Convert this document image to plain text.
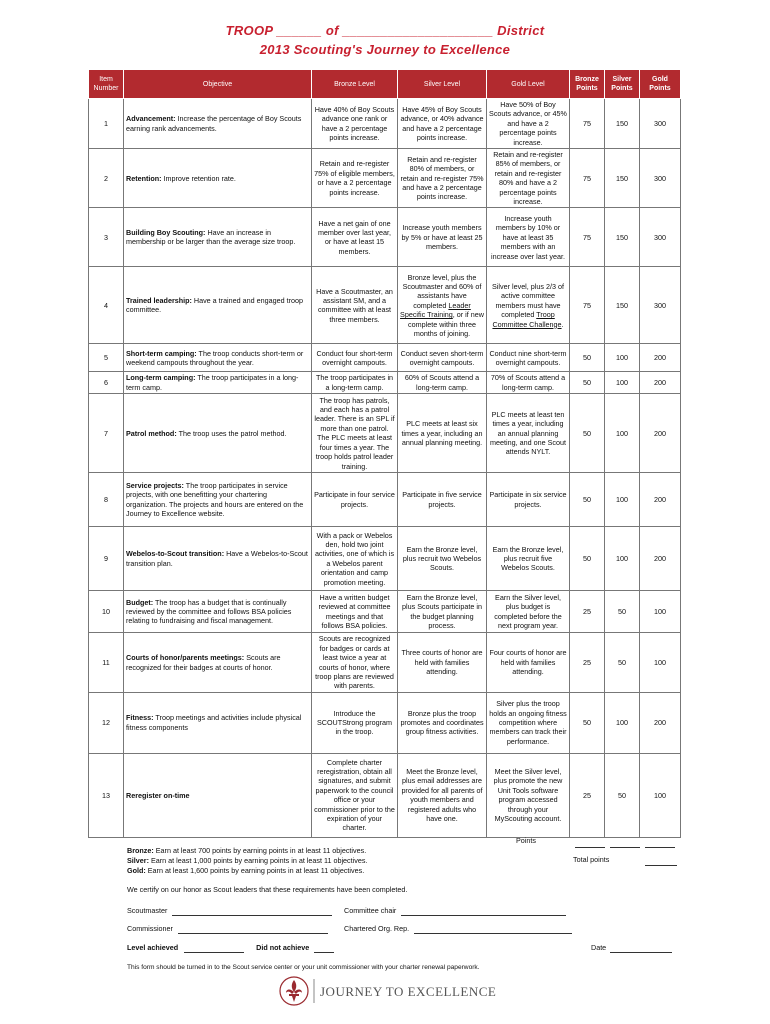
TROOP ______ of ____________________ District
2013 Scouting's Journey to Excellence
Item Number	Objective	Bronze Level	Silver Level	Gold Level	Bronze Points	Silver Points	Gold Points
1	Advancement: Increase the percentage of Boy Scouts earning rank advancements.	Have 40% of Boy Scouts advance one rank or have a 2 percentage points increase.	Have 45% of Boy Scouts advance, or 40% advance and have a 2 percentage points increase.	Have 50% of Boy Scouts advance, or 45% and have a 2 percentage points increase.	75	150	300
2	Retention: Improve retention rate.	Retain and re-register 75% of eligible members, or have a 2 percentage points increase.	Retain and re-register 80% of members, or retain and re-register 75% and have a 2 percentage points increase.	Retain and re-register 85% of members, or retain and re-register 80% and have a 2 percentage points increase.	75	150	300
3	Building Boy Scouting: Have an increase in membership or be larger than the average size troop.	Have a net gain of one member over last year, or have at least 15 members.	Increase youth members by 5% or have at least 25 members.	Increase youth members by 10% or have at least 35 members with an increase over last year.	75	150	300
4	Trained leadership: Have a trained and engaged troop committee.	Have a Scoutmaster, an assistant SM, and a committee with at least three members.	Bronze level, plus the Scoutmaster and 60% of assistants have completed Leader Specific Training, or if new complete within three months of joining.	Silver level, plus 2/3 of active committee members must have completed Troop Committee Challenge.	75	150	300
5	Short-term camping: The troop conducts short-term or weekend campouts throughout the year.	Conduct four short-term overnight campouts.	Conduct seven short-term overnight campouts.	Conduct nine short-term overnight campouts.	50	100	200
6	Long-term camping: The troop participates in a long-term camp.	The troop participates in a long-term camp.	60% of Scouts attend a long-term camp.	70% of Scouts attend a long-term camp.	50	100	200
7	Patrol method: The troop uses the patrol method.	The troop has patrols, and each has a patrol leader. There is an SPL if more than one patrol. The PLC meets at least four times a year. The troop holds patrol leader training.	PLC meets at least six times a year, including an annual planning meeting.	PLC meets at least ten times a year, including an annual planning meeting, and one Scout attends NYLT.	50	100	200
8	Service projects: The troop participates in service projects, with one benefitting your chartering organization. The projects and hours are entered on the Journey to Excellence website.	Participate in four service projects.	Participate in five service projects.	Participate in six service projects.	50	100	200
9	Webelos-to-Scout transition: Have a Webelos-to-Scout transition plan.	With a pack or Webelos den, hold two joint activities, one of which is a Webelos parent orientation and camp promotion meeting.	Earn the Bronze level, plus recruit two Webelos Scouts.	Earn the Bronze level, plus recruit five Webelos Scouts.	50	100	200
10	Budget: The troop has a budget that is continually reviewed by the committee and follows BSA policies relating to fundraising and fiscal management.	Have a written budget reviewed at committee meetings and that follows BSA policies.	Earn the Bronze level, plus Scouts participate in the budget planning process.	Earn the Silver level, plus budget is completed before the next program year.	25	50	100
11	Courts of honor/parents meetings: Scouts are recognized for their badges at courts of honor.	Scouts are recognized for badges or cards at least twice a year at courts of honor, where troop plans are reviewed with parents.	Three courts of honor are held with families attending.	Four courts of honor are held with families attending.	25	50	100
12	Fitness: Troop meetings and activities include physical fitness components	Introduce the SCOUTStrong program in the troop.	Bronze plus the troop promotes and coordinates group fitness activities.	Silver plus the troop holds an ongoing fitness competition where members can track their performance.	50	100	200
13	Reregister on-time	Complete charter reregistration, obtain all signatures, and submit paperwork to the council office or your commissioner prior to the expiration of your charter.	Meet the Bronze level, plus email addresses are provided for all parents of youth members and registered adults who have one.	Meet the Silver level, plus promote the new Unit Tools software program accessed through your MyScouting account.	25	50	100
Points

Total points
Bronze: Earn at least 700 points by earning points in at least 11 objectives.
Silver: Earn at least 1,000 points by earning points in at least 11 objectives.
Gold: Earn at least 1,600 points by earning points in at least 11 objectives.
We certify on our honor as Scout leaders that these requirements have been completed.
Scoutmaster	Committee chair
Commissioner	Chartered Org. Rep.
Level achieved	Did not achieve	Date
This form should be turned in to the Scout service center or your unit commissioner with your charter renewal paperwork.
JOURNEY TO EXCELLENCE
